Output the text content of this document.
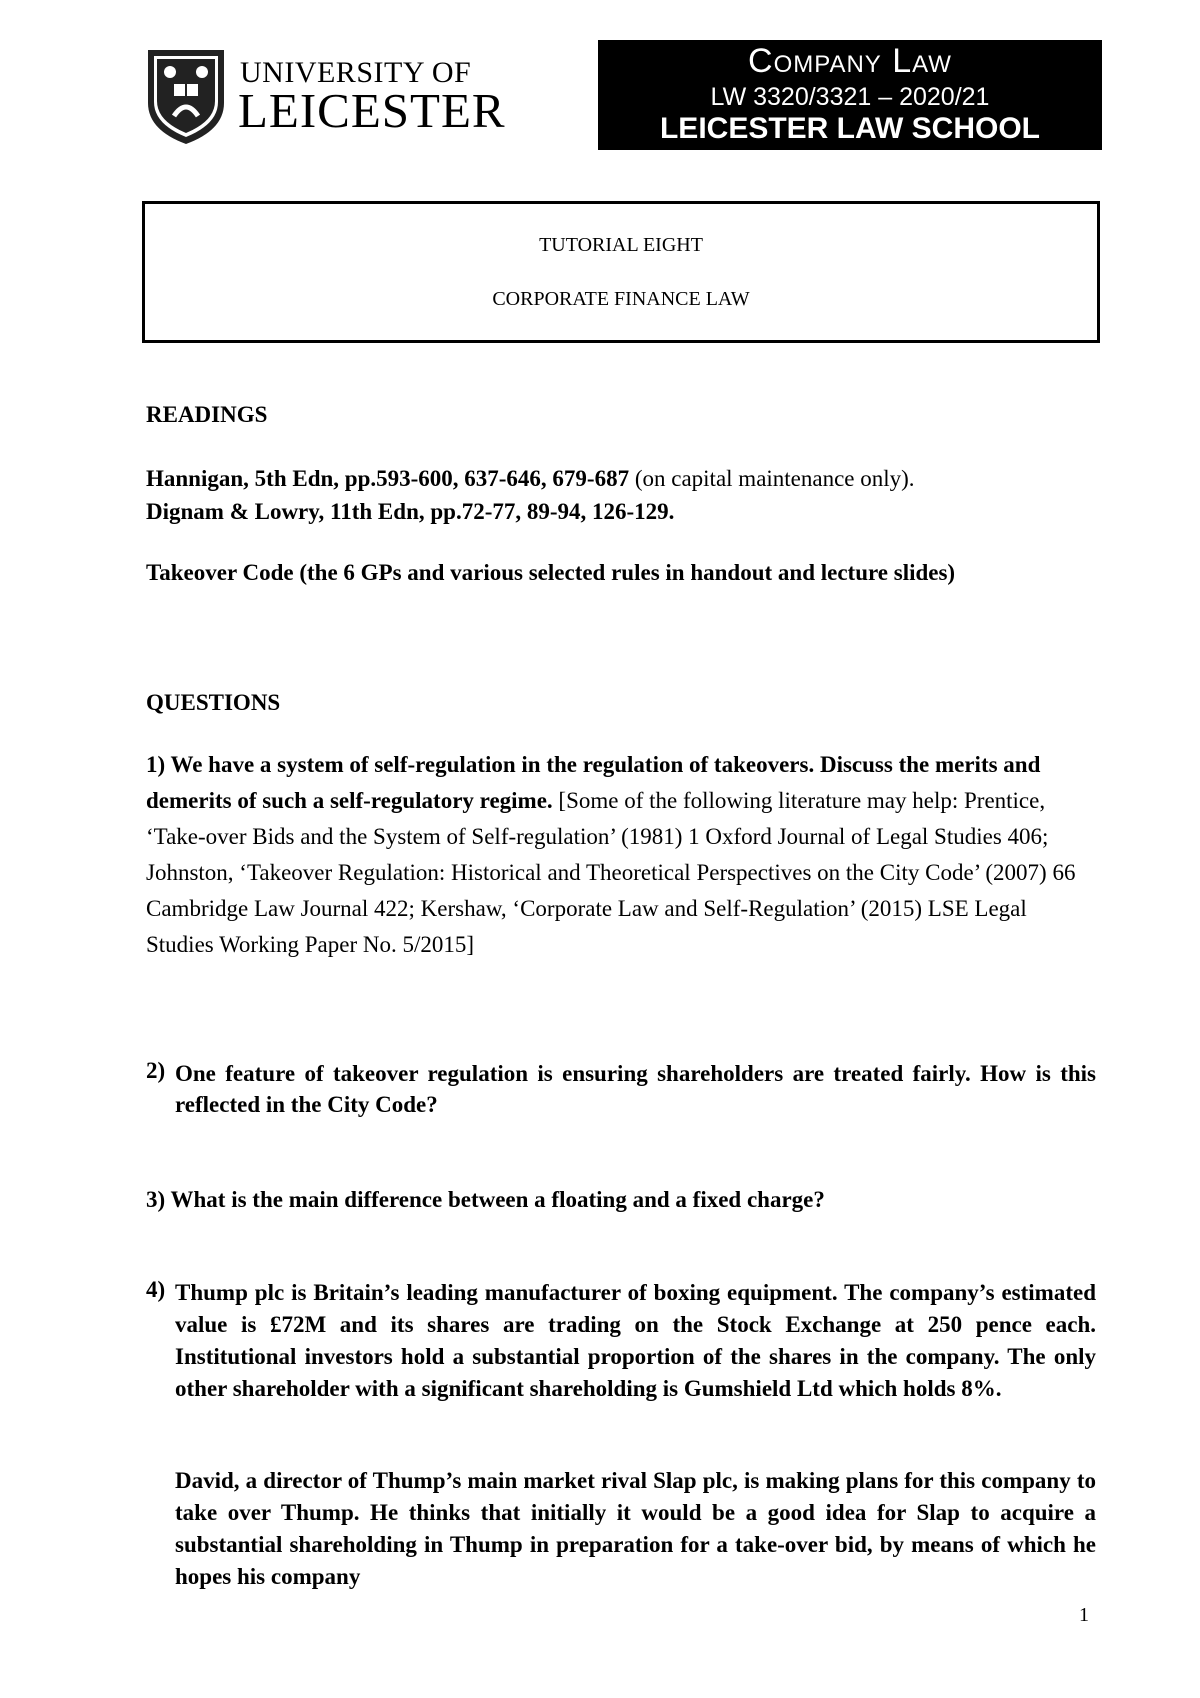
UNIVERSITY OF
LEICESTER
Company Law
LW 3320/3321 – 2020/21
LEICESTER LAW SCHOOL
TUTORIAL EIGHT
CORPORATE FINANCE LAW
READINGS
Hannigan, 5th Edn, pp.593-600, 637-646, 679-687 (on capital maintenance only).
Dignam & Lowry, 11th Edn, pp.72-77, 89-94, 126-129.
Takeover Code (the 6 GPs and various selected rules in handout and lecture slides)
QUESTIONS
1) We have a system of self-regulation in the regulation of takeovers. Discuss the merits and demerits of such a self-regulatory regime. [Some of the following literature may help: Prentice, ‘Take-over Bids and the System of Self-regulation’ (1981) 1 Oxford Journal of Legal Studies 406; Johnston, ‘Takeover Regulation: Historical and Theoretical Perspectives on the City Code’ (2007) 66 Cambridge Law Journal 422; Kershaw, ‘Corporate Law and Self-Regulation’ (2015) LSE Legal Studies Working Paper No. 5/2015]
2) One feature of takeover regulation is ensuring shareholders are treated fairly. How is this reflected in the City Code?
3) What is the main difference between a floating and a fixed charge?
4) Thump plc is Britain’s leading manufacturer of boxing equipment. The company’s estimated value is £72M and its shares are trading on the Stock Exchange at 250 pence each. Institutional investors hold a substantial proportion of the shares in the company. The only other shareholder with a significant shareholding is Gumshield Ltd which holds 8%.
David, a director of Thump’s main market rival Slap plc, is making plans for this company to take over Thump. He thinks that initially it would be a good idea for Slap to acquire a substantial shareholding in Thump in preparation for a take-over bid, by means of which he hopes his company
1
